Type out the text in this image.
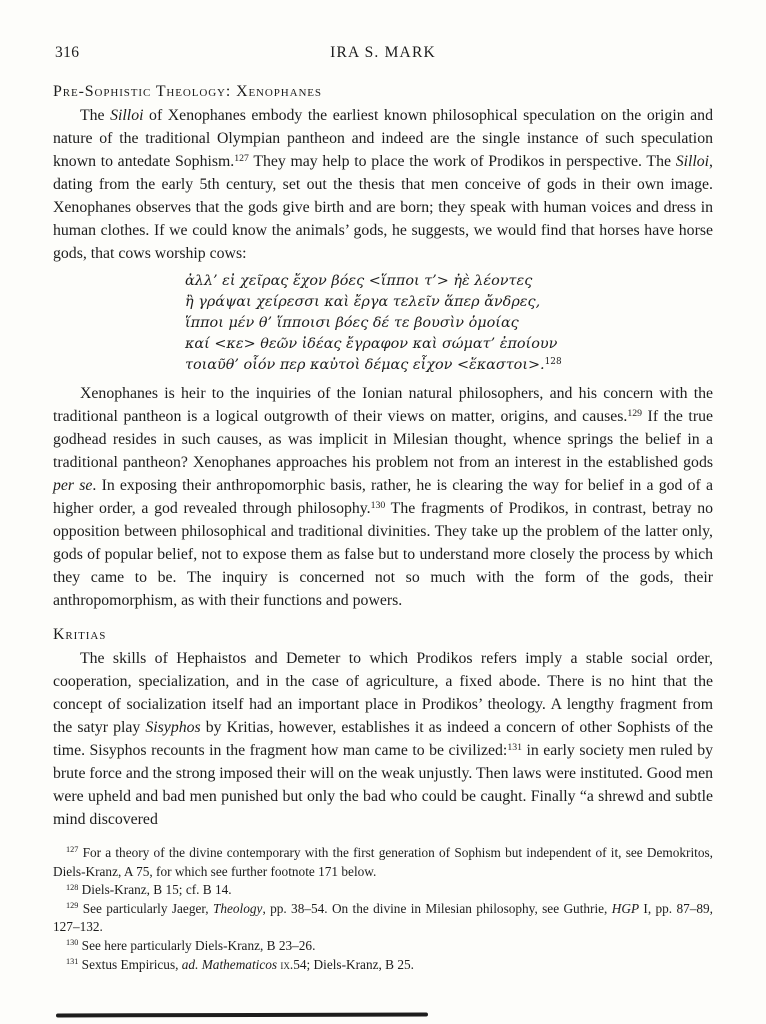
316	IRA S. MARK
Pre-Sophistic Theology: Xenophanes

The Silloi of Xenophanes embody the earliest known philosophical speculation on the origin and nature of the traditional Olympian pantheon and indeed are the single instance of such speculation known to antedate Sophism.$^{127}$ They may help to place the work of Prodikos in perspective. The Silloi, dating from the early 5th century, set out the thesis that men conceive of gods in their own image. Xenophanes observes that the gods give birth and are born; they speak with human voices and dress in human clothes. If we could know the animals’ gods, he suggests, we would find that horses have horse gods, that cows worship cows:

ἀλλ’ εἰ χεῖρας ἔχον βόες <ἵπποι τ’> ἠὲ λέοντες
ἢ γράψαι χείρεσσι καὶ ἔργα τελεῖν ἅπερ ἄνδρες,
ἵπποι μέν θ’ ἵπποισι βόες δέ τε βουσὶν ὁμοίας
καί <κε> θεῶν ἰδέας ἔγραφον καὶ σώματ’ ἐποίουν
τοιαῦθ’ οἷόν περ καὐτοὶ δέμας εἶχον <ἕκαστοι>.$^{128}$

Xenophanes is heir to the inquiries of the Ionian natural philosophers, and his concern with the traditional pantheon is a logical outgrowth of their views on matter, origins, and causes.$^{129}$ If the true godhead resides in such causes, as was implicit in Milesian thought, whence springs the belief in a traditional pantheon? Xenophanes approaches his problem not from an interest in the established gods per se. In exposing their anthropomorphic basis, rather, he is clearing the way for belief in a god of a higher order, a god revealed through philosophy.$^{130}$ The fragments of Prodikos, in contrast, betray no opposition between philosophical and traditional divinities. They take up the problem of the latter only, gods of popular belief, not to expose them as false but to understand more closely the process by which they came to be. The inquiry is concerned not so much with the form of the gods, their anthropomorphism, as with their functions and powers.

Kritias

The skills of Hephaistos and Demeter to which Prodikos refers imply a stable social order, cooperation, specialization, and in the case of agriculture, a fixed abode. There is no hint that the concept of socialization itself had an important place in Prodikos’ theology. A lengthy fragment from the satyr play Sisyphos by Kritias, however, establishes it as indeed a concern of other Sophists of the time. Sisyphos recounts in the fragment how man came to be civilized:$^{131}$ in early society men ruled by brute force and the strong imposed their will on the weak unjustly. Then laws were instituted. Good men were upheld and bad men punished but only the bad who could be caught. Finally “a shrewd and subtle mind discovered

$^{127}$ For a theory of the divine contemporary with the first generation of Sophism but independent of it, see Demokritos, Diels-Kranz, A 75, for which see further footnote 171 below.

$^{128}$ Diels-Kranz, B 15; cf. B 14.

$^{129}$ See particularly Jaeger, Theology, pp. 38–54. On the divine in Milesian philosophy, see Guthrie, HGP I, pp. 87–89, 127–132.

$^{130}$ See here particularly Diels-Kranz, B 23–26.

$^{131}$ Sextus Empiricus, ad. Mathematicos ix.54; Diels-Kranz, B 25.
